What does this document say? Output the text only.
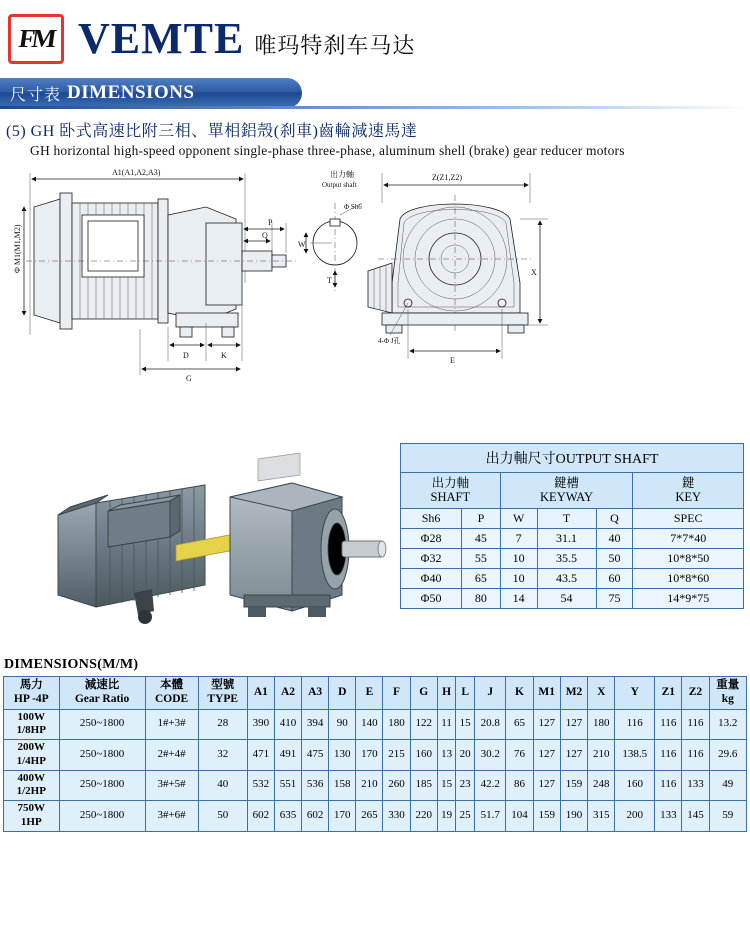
FM VEMTE 唯玛特刹车马达
尺寸表 DIMENSIONS
(5) GH 卧式高速比附三相、單相鋁殼(刹車)齒輪減速馬達
GH horizontal high-speed opponent single-phase three-phase, aluminum shell (brake) gear reducer motors
A1(A1,A2,A3)
P
Q
Φ M1(M1,M2)
D	K
G
出力軸
Output shaft
Φ Sh6
W
T
Z(Z1,Z2)
X
E
4-Φ J孔
出力軸尺寸OUTPUT SHAFT					

出力軸
SHAFT		鍵槽
KEYWAY			鍵
KEY

Sh6	P	W	T	Q	SPEC
Φ28	45	7	31.1	40	7*7*40
Φ32	55	10	35.5	50	10*8*50
Φ40	65	10	43.5	60	10*8*60
Φ50	80	14	54	75	14*9*75
DIMENSIONS(M/M)
馬力
HP -4P	減速比
Gear Ratio	本體
CODE	型號
TYPE	A1	A2	A3	D	E	F	G	H	L	J	K	M1	M2	X	Y	Z1	Z2	重量
kg

100W
1/8HP	250~1800	1#+3#	28	390	410	394	90	140	180	122	11	15	20.8	65	127	127	180	116	116	116	13.2

200W
1/4HP	250~1800	2#+4#	32	471	491	475	130	170	215	160	13	20	30.2	76	127	127	210	138.5	116	116	29.6

400W
1/2HP	250~1800	3#+5#	40	532	551	536	158	210	260	185	15	23	42.2	86	127	159	248	160	116	133	49

750W
1HP	250~1800	3#+6#	50	602	635	602	170	265	330	220	19	25	51.7	104	159	190	315	200	133	145	59
